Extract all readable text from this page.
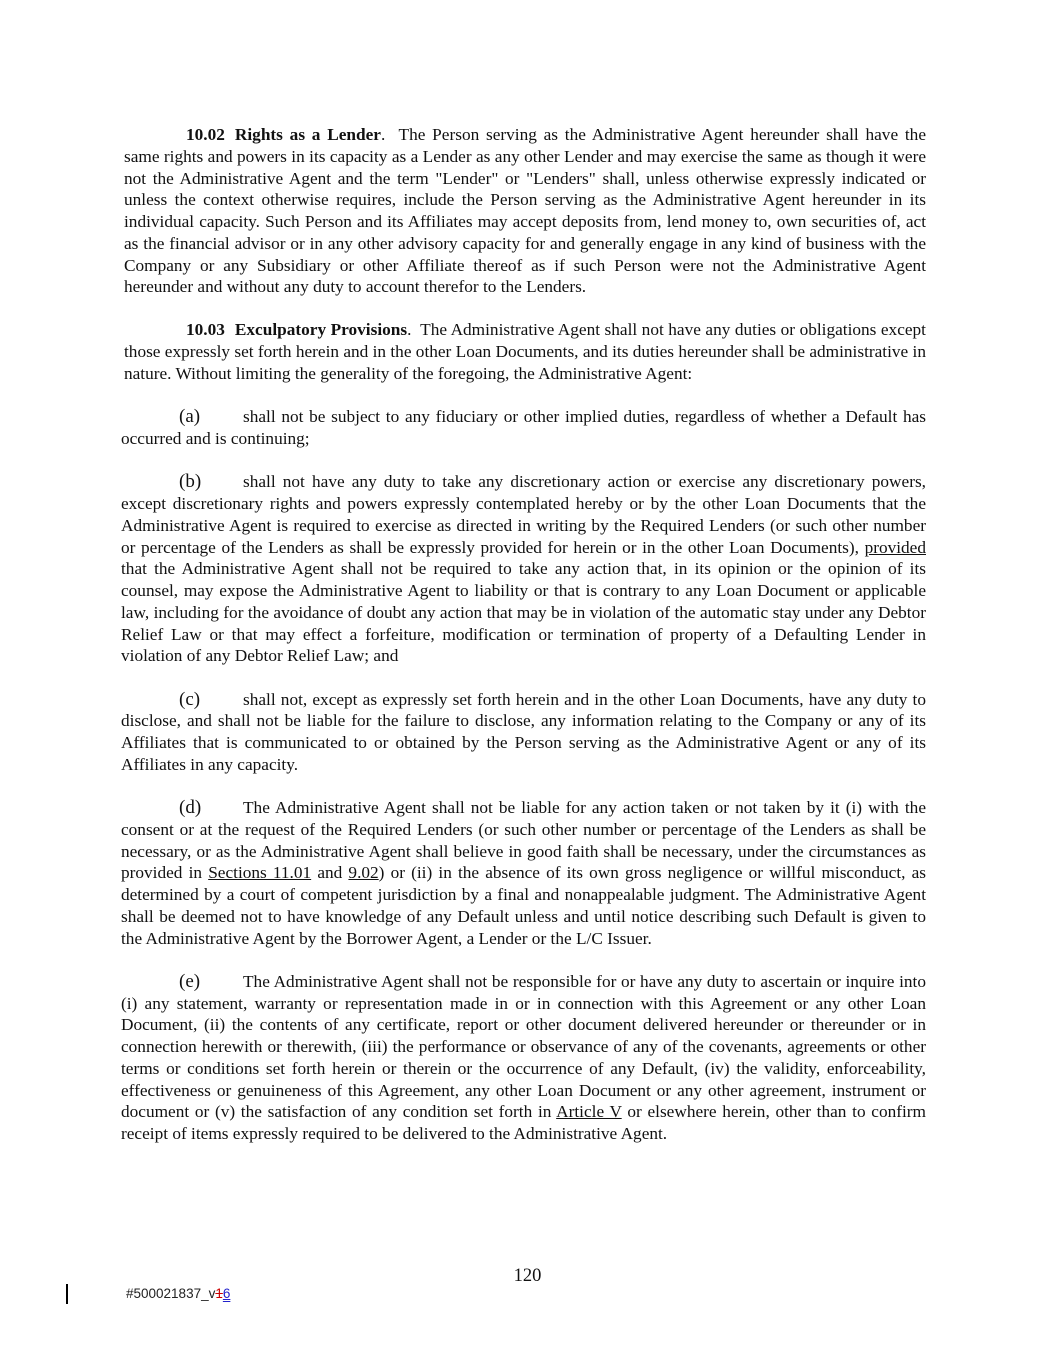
10.02 Rights as a Lender.  The Person serving as the Administrative Agent hereunder shall have the same rights and powers in its capacity as a Lender as any other Lender and may exercise the same as though it were not the Administrative Agent and the term "Lender" or "Lenders" shall, unless otherwise expressly indicated or unless the context otherwise requires, include the Person serving as the Administrative Agent hereunder in its individual capacity. Such Person and its Affiliates may accept deposits from, lend money to, own securities of, act as the financial advisor or in any other advisory capacity for and generally engage in any kind of business with the Company or any Subsidiary or other Affiliate thereof as if such Person were not the Administrative Agent hereunder and without any duty to account therefor to the Lenders.

10.03 Exculpatory Provisions.  The Administrative Agent shall not have any duties or obligations except those expressly set forth herein and in the other Loan Documents, and its duties hereunder shall be administrative in nature. Without limiting the generality of the foregoing, the Administrative Agent:

(a) shall not be subject to any fiduciary or other implied duties, regardless of whether a Default has occurred and is continuing;

(b) shall not have any duty to take any discretionary action or exercise any discretionary powers, except discretionary rights and powers expressly contemplated hereby or by the other Loan Documents that the Administrative Agent is required to exercise as directed in writing by the Required Lenders (or such other number or percentage of the Lenders as shall be expressly provided for herein or in the other Loan Documents), provided that the Administrative Agent shall not be required to take any action that, in its opinion or the opinion of its counsel, may expose the Administrative Agent to liability or that is contrary to any Loan Document or applicable law, including for the avoidance of doubt any action that may be in violation of the automatic stay under any Debtor Relief Law or that may effect a forfeiture, modification or termination of property of a Defaulting Lender in violation of any Debtor Relief Law; and

(c) shall not, except as expressly set forth herein and in the other Loan Documents, have any duty to disclose, and shall not be liable for the failure to disclose, any information relating to the Company or any of its Affiliates that is communicated to or obtained by the Person serving as the Administrative Agent or any of its Affiliates in any capacity.

(d) The Administrative Agent shall not be liable for any action taken or not taken by it (i) with the consent or at the request of the Required Lenders (or such other number or percentage of the Lenders as shall be necessary, or as the Administrative Agent shall believe in good faith shall be necessary, under the circumstances as provided in Sections 11.01 and 9.02) or (ii) in the absence of its own gross negligence or willful misconduct, as determined by a court of competent jurisdiction by a final and nonappealable judgment. The Administrative Agent shall be deemed not to have knowledge of any Default unless and until notice describing such Default is given to the Administrative Agent by the Borrower Agent, a Lender or the L/C Issuer.

(e) The Administrative Agent shall not be responsible for or have any duty to ascertain or inquire into (i) any statement, warranty or representation made in or in connection with this Agreement or any other Loan Document, (ii) the contents of any certificate, report or other document delivered hereunder or thereunder or in connection herewith or therewith, (iii) the performance or observance of any of the covenants, agreements or other terms or conditions set forth herein or therein or the occurrence of any Default, (iv) the validity, enforceability, effectiveness or genuineness of this Agreement, any other Loan Document or any other agreement, instrument or document or (v) the satisfaction of any condition set forth in Article V or elsewhere herein, other than to confirm receipt of items expressly required to be delivered to the Administrative Agent.

120
#500021837_v16
